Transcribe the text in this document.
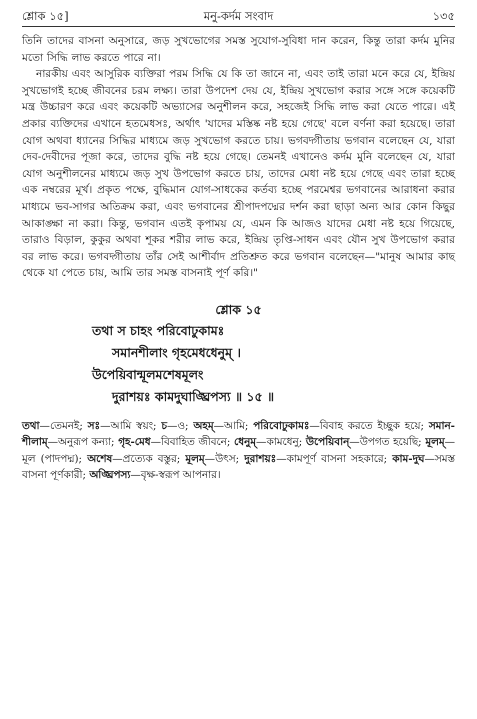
শ্লোক ১৫]	মনু-কর্দম সংবাদ	১৩৫

তিনি তাদের বাসনা অনুসারে, জড় সুখভোগের সমস্ত সুযোগ-সুবিধা দান করেন, কিন্তু তারা কর্দম মুনির মতো সিদ্ধি লাভ করতে পারে না।

নারকীয় এবং আসুরিক ব্যক্তিরা পরম সিদ্ধি যে কি তা জানে না, এবং তাই তারা মনে করে যে, ইন্দ্রিয় সুখভোগই হচ্ছে জীবনের চরম লক্ষ্য। তারা উপদেশ দেয় যে, ইন্দ্রিয় সুখভোগ করার সঙ্গে সঙ্গে কয়েকটি মন্ত্র উচ্চারণ করে এবং কয়েকটি অভ্যাসের অনুশীলন করে, সহজেই সিদ্ধি লাভ করা যেতে পারে। এই প্রকার ব্যক্তিদের এখানে হতমেধসঃ, অর্থাৎ 'যাদের মস্তিষ্ক নষ্ট হয়ে গেছে' বলে বর্ণনা করা হয়েছে। তারা যোগ অথবা ধ্যানের সিদ্ধির মাধ্যমে জড় সুখভোগ করতে চায়। ভগবদ্গীতায় ভগবান বলেছেন যে, যারা দেব-দেবীদের পূজা করে, তাদের বুদ্ধি নষ্ট হয়ে গেছে। তেমনই এখানেও কর্দম মুনি বলেছেন যে, যারা যোগ অনুশীলনের মাধ্যমে জড় সুখ উপভোগ করতে চায়, তাদের মেধা নষ্ট হয়ে গেছে এবং তারা হচ্ছে এক নম্বরের মূর্খ। প্রকৃত পক্ষে, বুদ্ধিমান যোগ-সাধকের কর্তব্য হচ্ছে পরমেশ্বর ভগবানের আরাধনা করার মাধ্যমে ভব-সাগর অতিক্রম করা, এবং ভগবানের শ্রীপাদপদ্মের দর্শন করা ছাড়া অন্য আর কোন কিছুর আকাঙ্ক্ষা না করা। কিন্তু, ভগবান এতই কৃপাময় যে, এমন কি আজও যাদের মেধা নষ্ট হয়ে গিয়েছে, তারাও বিড়াল, কুকুর অথবা শূকর শরীর লাভ করে, ইন্দ্রিয় তৃপ্তি-সাধন এবং যৌন সুখ উপভোগ করার বর লাভ করে। ভগবদ্গীতায় তাঁর সেই আশীর্বাদ প্রতিশ্রুত করে ভগবান বলেছেন—"মানুষ আমার কাছ থেকে যা পেতে চায়, আমি তার সমস্ত বাসনাই পূর্ণ করি।"

শ্লোক ১৫
তথা স চাহং পরিবোঢুকামঃ
সমানশীলাং গৃহমেধধেনুম্ ।
উপেয়িবান্মূলমশেষমূলং
দুরাশয়ঃ কামদুঘাঙ্ঘ্রিপস্য ॥ ১৫ ॥
তথা—তেমনই; সঃ—আমি স্বয়ং; চ—ও; অহম্—আমি; পরিবোঢুকামঃ—বিবাহ করতে ইচ্ছুক হয়ে; সমান-শীলাম্—অনুরূপ কন্যা; গৃহ-মেধ—বিবাহিত জীবনে; ধেনুম্—কামধেনু; উপেয়িবান্—উপগত হয়েছি; মূলম্—মূল (পাদপদ্ম); অশেষ—প্রত্যেক বস্তুর; মূলম্—উৎস; দুরাশয়ঃ—কামপূর্ণ বাসনা সহকারে; কাম-দুঘ—সমস্ত বাসনা পূর্ণকারী; অঙ্ঘ্রিপস্য—বৃক্ষ-স্বরূপ আপনার।
